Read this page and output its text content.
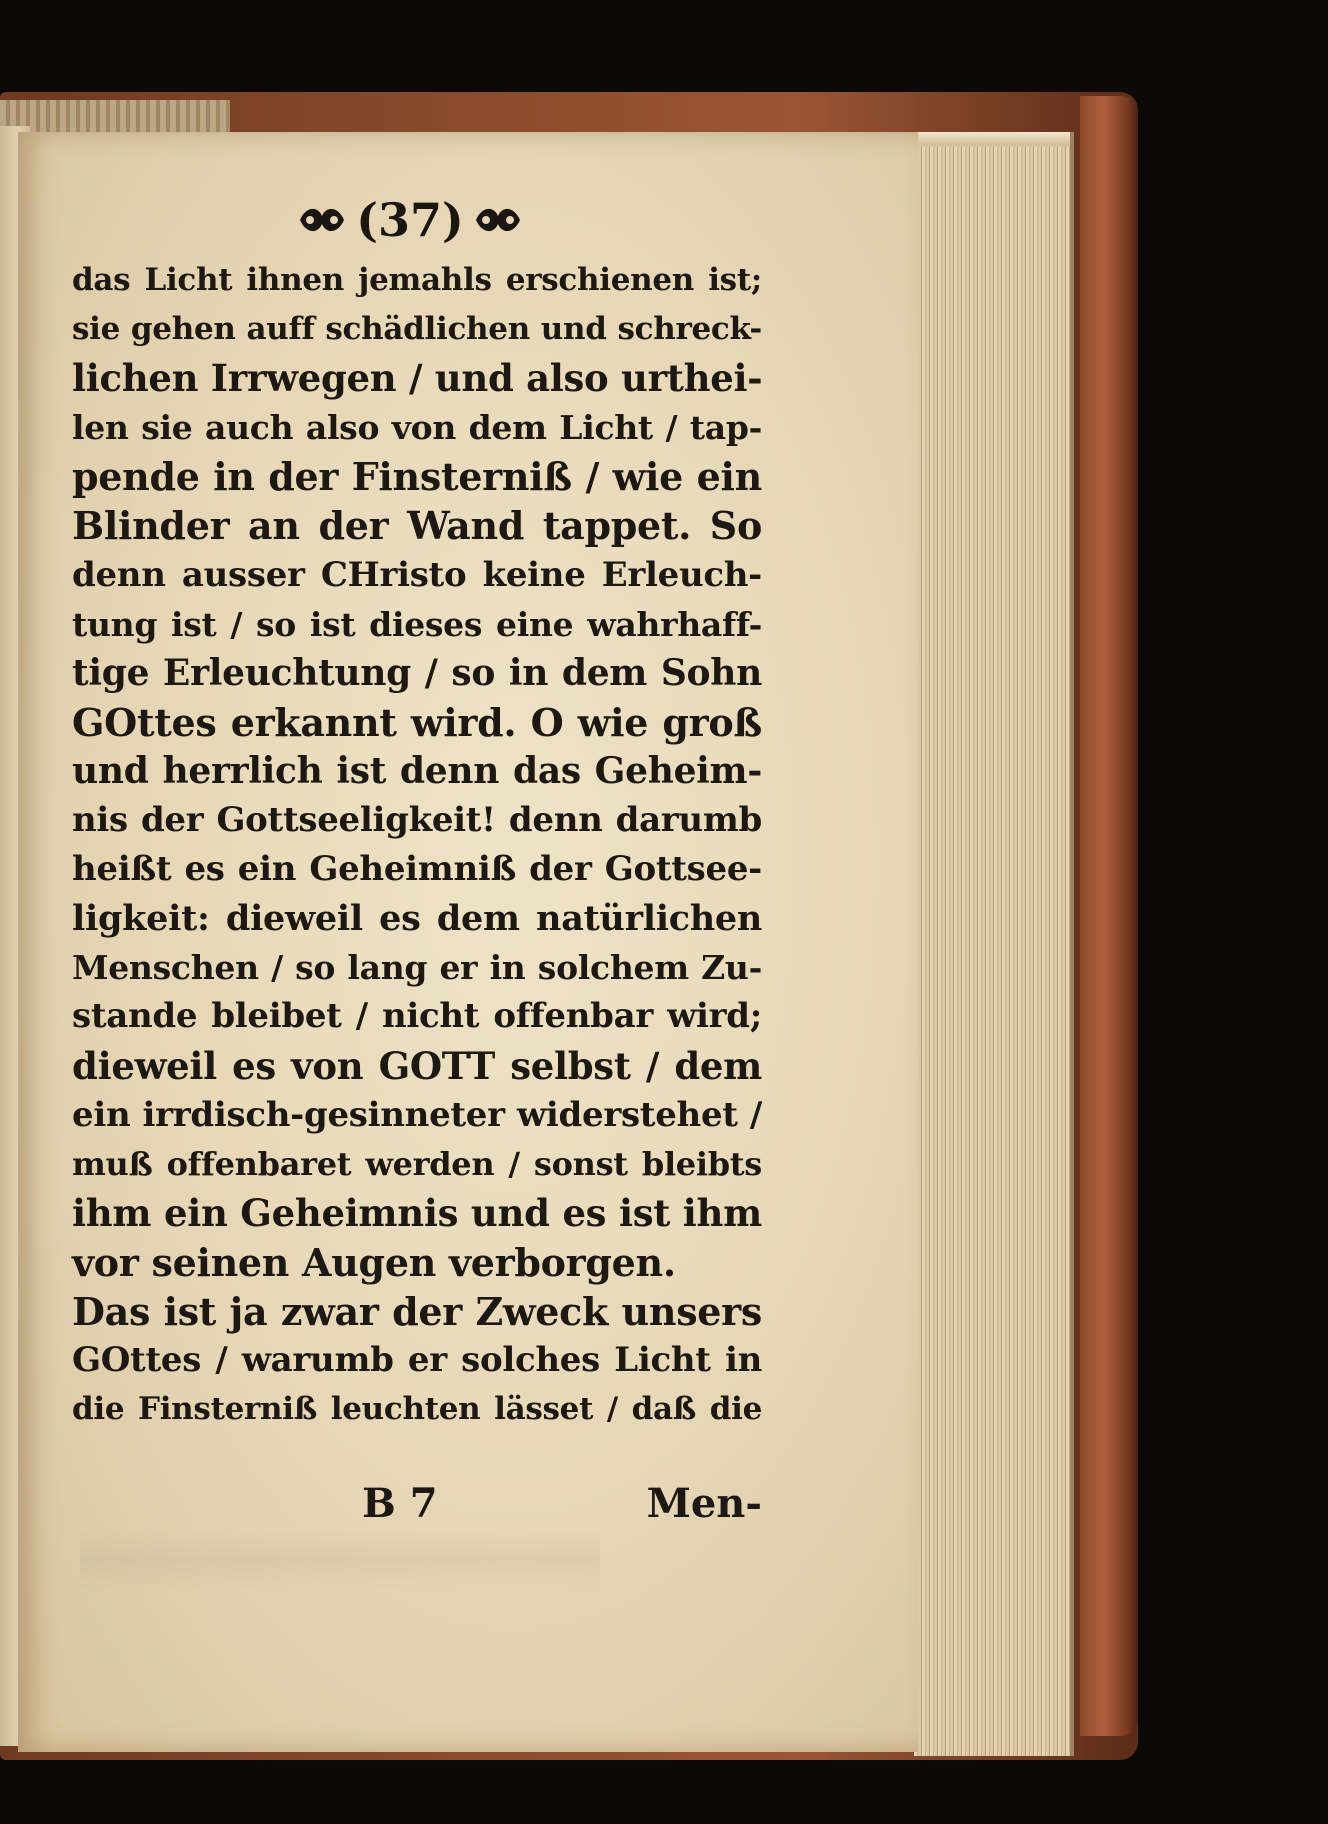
(37)
das Licht ihnen jemahls erschienen ist;
sie gehen auff schädlichen und schreck-
lichen Irrwegen / und also urthei-
len sie auch also von dem Licht / tap-
pende in der Finsterniß / wie ein
Blinder an der Wand tappet. So
denn ausser CHristo keine Erleuch-
tung ist / so ist dieses eine wahrhaff-
tige Erleuchtung / so in dem Sohn
GOttes erkannt wird. O wie groß
und herrlich ist denn das Geheim-
nis der Gottseeligkeit! denn darumb
heißt es ein Geheimniß der Gottsee-
ligkeit: dieweil es dem natürlichen
Menschen / so lang er in solchem Zu-
stande bleibet / nicht offenbar wird;
dieweil es von GOTT selbst / dem
ein irrdisch-gesinneter widerstehet /
muß offenbaret werden / sonst bleibts
ihm ein Geheimnis und es ist ihm
vor seinen Augen verborgen.
Das ist ja zwar der Zweck unsers
GOttes / warumb er solches Licht in
die Finsterniß leuchten lässet / daß die
B 7	Men-
